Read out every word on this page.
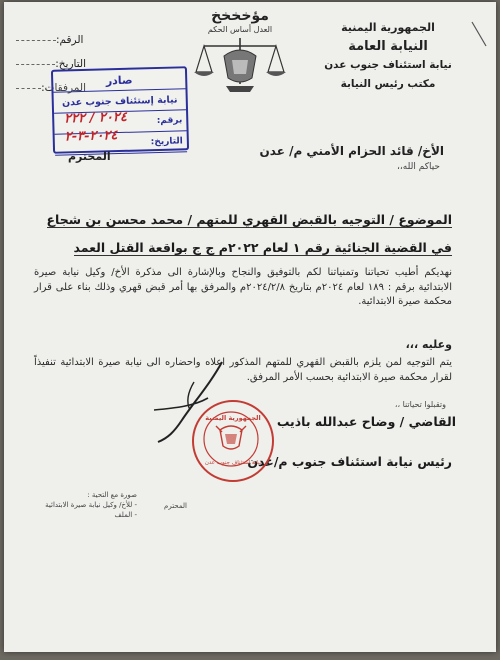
الجمهورية اليمنية
النيابة العامة
نيابة استئناف جنوب عدن
مكتب رئيس النيابة
مؤخخخخ
العدل أساس الحكم
الرقم:
التاريخ:
المرفقات:
صادر
نيابة إستئناف جنوب عدن
برقم:
التاريخ:
٢٠٢٤ / ٢٢٢
٢٠٢٤-٣-٢
الأخ/ قائد الحزام الأمني م/ عدن
حياكم الله،،
المحترم
الموضوع / التوجيه بالقبض القهري للمتهم / محمد محسن بن شجاع
في القضية الجنائية رقم ١ لعام ٢٠٢٢م ج ج بواقعة القتل العمد
نهديكم أطيب تحياتنا وتمنياتنا لكم بالتوفيق والنجاح وبالإشارة الى مذكرة الأخ/ وكيل نيابة صيرة الابتدائية برقم : ١٨٩ لعام ٢٠٢٤م بتاريخ ٢٠٢٤/٢/٨م والمرفق بها أمر قبض قهري وذلك بناء على قرار محكمة صيرة الابتدائية.
وعليه ،،،
يتم التوجيه لمن يلزم بالقبض القهري للمتهم المذكور اعلاه واحضاره الى نيابة صيرة الابتدائية تنفيذاً لقرار محكمة صيرة الابتدائية بحسب الأمر المرفق.
وتقبلوا تحياتنا ،،
القاضي / وضاح عبدالله باذيب
رئيس نيابة استئناف جنوب م/عدن
الجمهورية اليمنية
نيابة استئناف جنوب عدن
صورة مع التحية :
- للأخ/ وكيل نيابة صيرة الابتدائية
- الملف
المحترم
